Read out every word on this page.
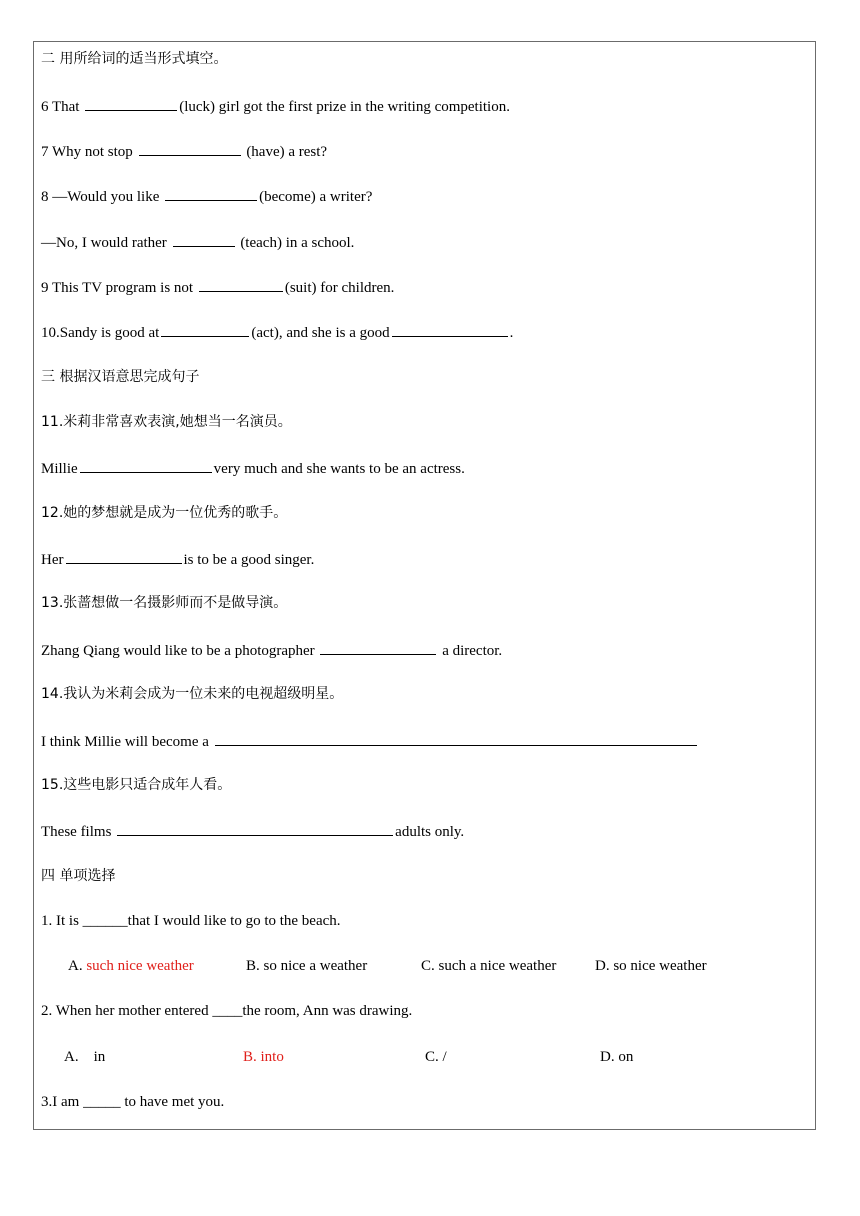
二 用所给词的适当形式填空。
6 That	(luck) girl got the first prize in the writing competition.
7 Why not stop	(have) a rest?
8 —Would you like	(become) a writer?
—No, I would rather	(teach) in a school.
9 This TV program is not	(suit) for children.
10.Sandy is good at	(act), and she is a good	.
三 根据汉语意思完成句子
11.米莉非常喜欢表演,她想当一名演员。
Millie	very much and she wants to be an actress.
12.她的梦想就是成为一位优秀的歌手。
Her	is to be a good singer.
13.张蔷想做一名摄影师而不是做导演。
Zhang Qiang would like to be a photographer	a director.
14.我认为米莉会成为一位未来的电视超级明星。
I think Millie will become a
15.这些电影只适合成年人看。
These films	adults only.
四 单项选择
1. It is ______that I would like to go to the beach.
A. such nice weather	B. so nice a weather	C. such a nice weather	D. so nice weather
2. When her mother entered ____the room, Ann was drawing.
A.    in	B. into	C. /	D. on
3.I am _____ to have met you.
